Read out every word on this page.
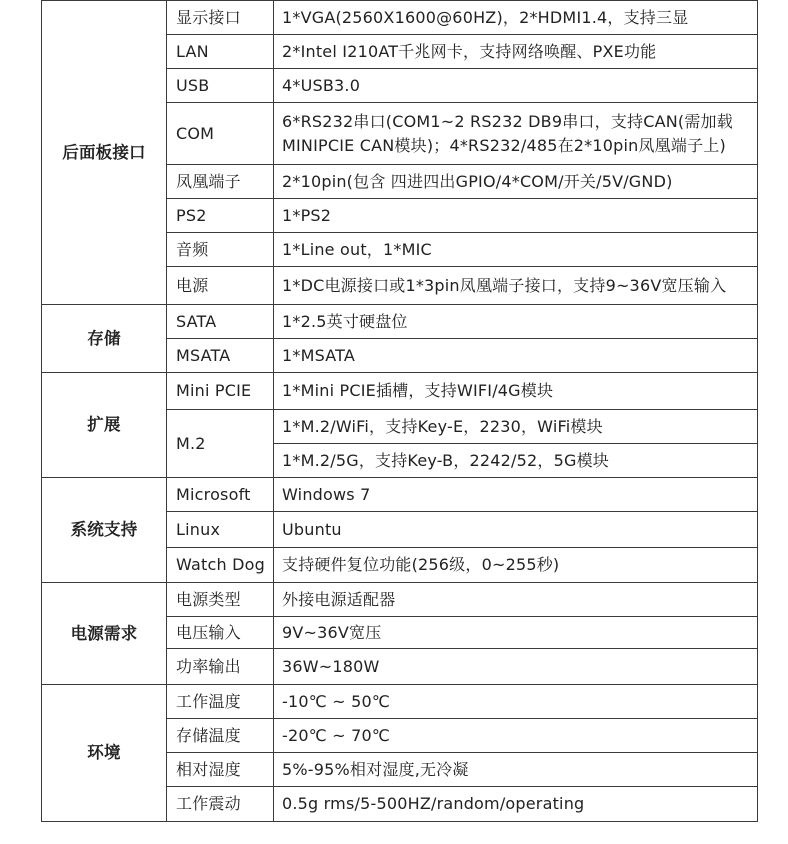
后面板接口	显示接口	1*VGA(2560X1600@60HZ)，2*HDMI1.4，支持三显
	LAN	2*Intel I210AT千兆网卡，支持网络唤醒、PXE功能
	USB	4*USB3.0
	COM	6*RS232串口(COM1~2 RS232 DB9串口，支持CAN(需加载MINIPCIE CAN模块)；4*RS232/485在2*10pin凤凰端子上)
	凤凰端子	2*10pin(包含 四进四出GPIO/4*COM/开关/5V/GND)
	PS2	1*PS2
	音频	1*Line out，1*MIC
	电源	1*DC电源接口或1*3pin凤凰端子接口，支持9~36V宽压输入
存储	SATA	1*2.5英寸硬盘位
	MSATA	1*MSATA
扩展	Mini PCIE	1*Mini PCIE插槽，支持WIFI/4G模块
	M.2	1*M.2/WiFi，支持Key-E，2230，WiFi模块
		1*M.2/5G，支持Key-B，2242/52，5G模块
系统支持	Microsoft	Windows 7
	Linux	Ubuntu
	Watch Dog	支持硬件复位功能(256级，0~255秒)
电源需求	电源类型	外接电源适配器
	电压输入	9V~36V宽压
	功率输出	36W~180W
环境	工作温度	-10℃ ~ 50℃
	存储温度	-20℃ ~ 70℃
	相对湿度	5%-95%相对湿度,无冷凝
	工作震动	0.5g rms/5-500HZ/random/operating
